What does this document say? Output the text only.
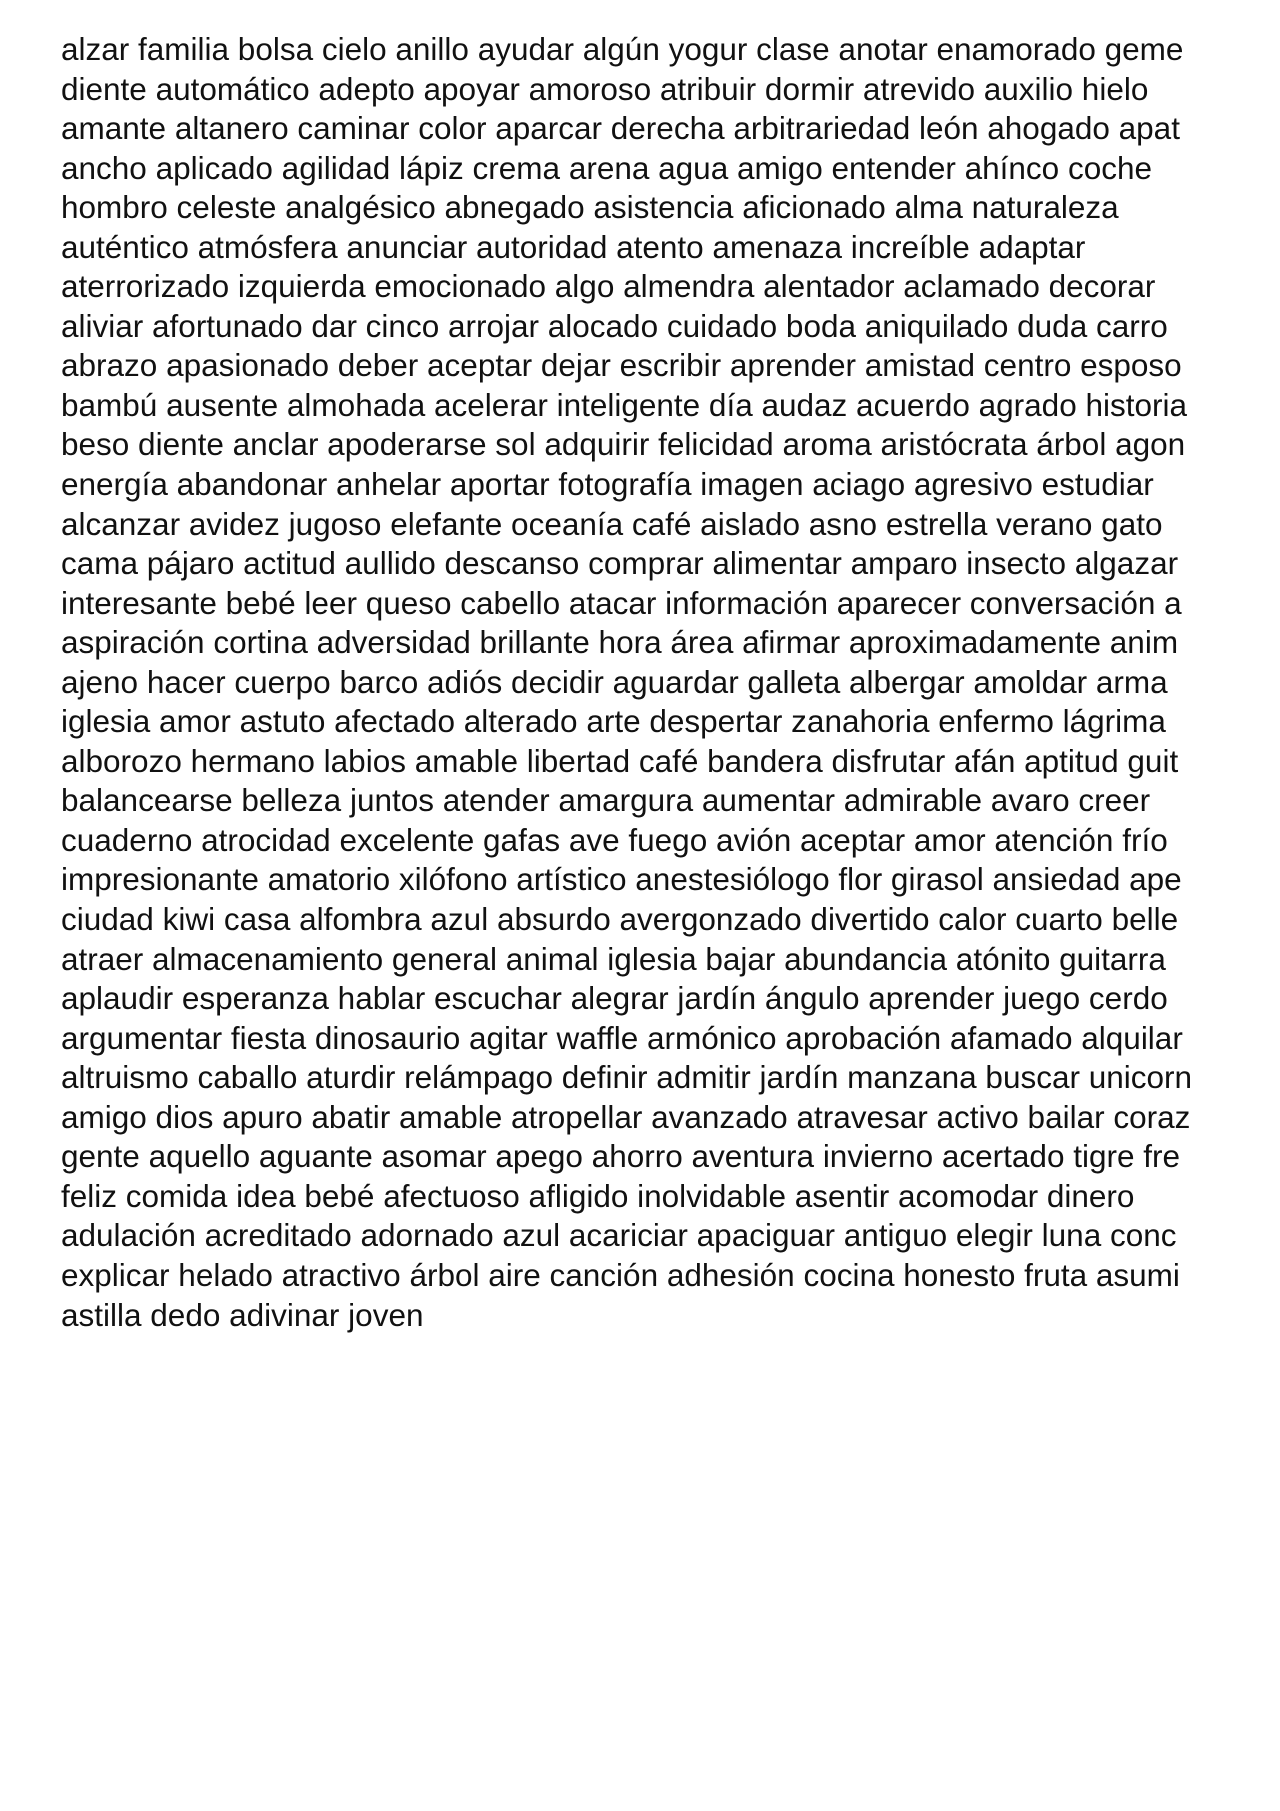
alzar familia bolsa cielo anillo ayudar algún yogur clase anotar enamorado geme
diente automático adepto apoyar amoroso atribuir dormir atrevido auxilio hielo
amante altanero caminar color aparcar derecha arbitrariedad león ahogado apat
ancho aplicado agilidad lápiz crema arena agua amigo entender ahínco coche
hombro celeste analgésico abnegado asistencia aficionado alma naturaleza
auténtico atmósfera anunciar autoridad atento amenaza increíble adaptar
aterrorizado izquierda emocionado algo almendra alentador aclamado decorar
aliviar afortunado dar cinco arrojar alocado cuidado boda aniquilado duda carro
abrazo apasionado deber aceptar dejar escribir aprender amistad centro esposo
bambú ausente almohada acelerar inteligente día audaz acuerdo agrado historia
beso diente anclar apoderarse sol adquirir felicidad aroma aristócrata árbol agon
energía abandonar anhelar aportar fotografía imagen aciago agresivo estudiar
alcanzar avidez jugoso elefante oceanía café aislado asno estrella verano gato
cama pájaro actitud aullido descanso comprar alimentar amparo insecto algazar
interesante bebé leer queso cabello atacar información aparecer conversación a
aspiración cortina adversidad brillante hora área afirmar aproximadamente anim
ajeno hacer cuerpo barco adiós decidir aguardar galleta albergar amoldar arma
iglesia amor astuto afectado alterado arte despertar zanahoria enfermo lágrima
alborozo hermano labios amable libertad café bandera disfrutar afán aptitud guit
balancearse belleza juntos atender amargura aumentar admirable avaro creer
cuaderno atrocidad excelente gafas ave fuego avión aceptar amor atención frío
impresionante amatorio xilófono artístico anestesiólogo flor girasol ansiedad ape
ciudad kiwi casa alfombra azul absurdo avergonzado divertido calor cuarto belle
atraer almacenamiento general animal iglesia bajar abundancia atónito guitarra
aplaudir esperanza hablar escuchar alegrar jardín ángulo aprender juego cerdo
argumentar fiesta dinosaurio agitar waffle armónico aprobación afamado alquilar
altruismo caballo aturdir relámpago definir admitir jardín manzana buscar unicorn
amigo dios apuro abatir amable atropellar avanzado atravesar activo bailar coraz
gente aquello aguante asomar apego ahorro aventura invierno acertado tigre fre
feliz comida idea bebé afectuoso afligido inolvidable asentir acomodar dinero
adulación acreditado adornado azul acariciar apaciguar antiguo elegir luna conc
explicar helado atractivo árbol aire canción adhesión cocina honesto fruta asumi
astilla dedo adivinar joven
